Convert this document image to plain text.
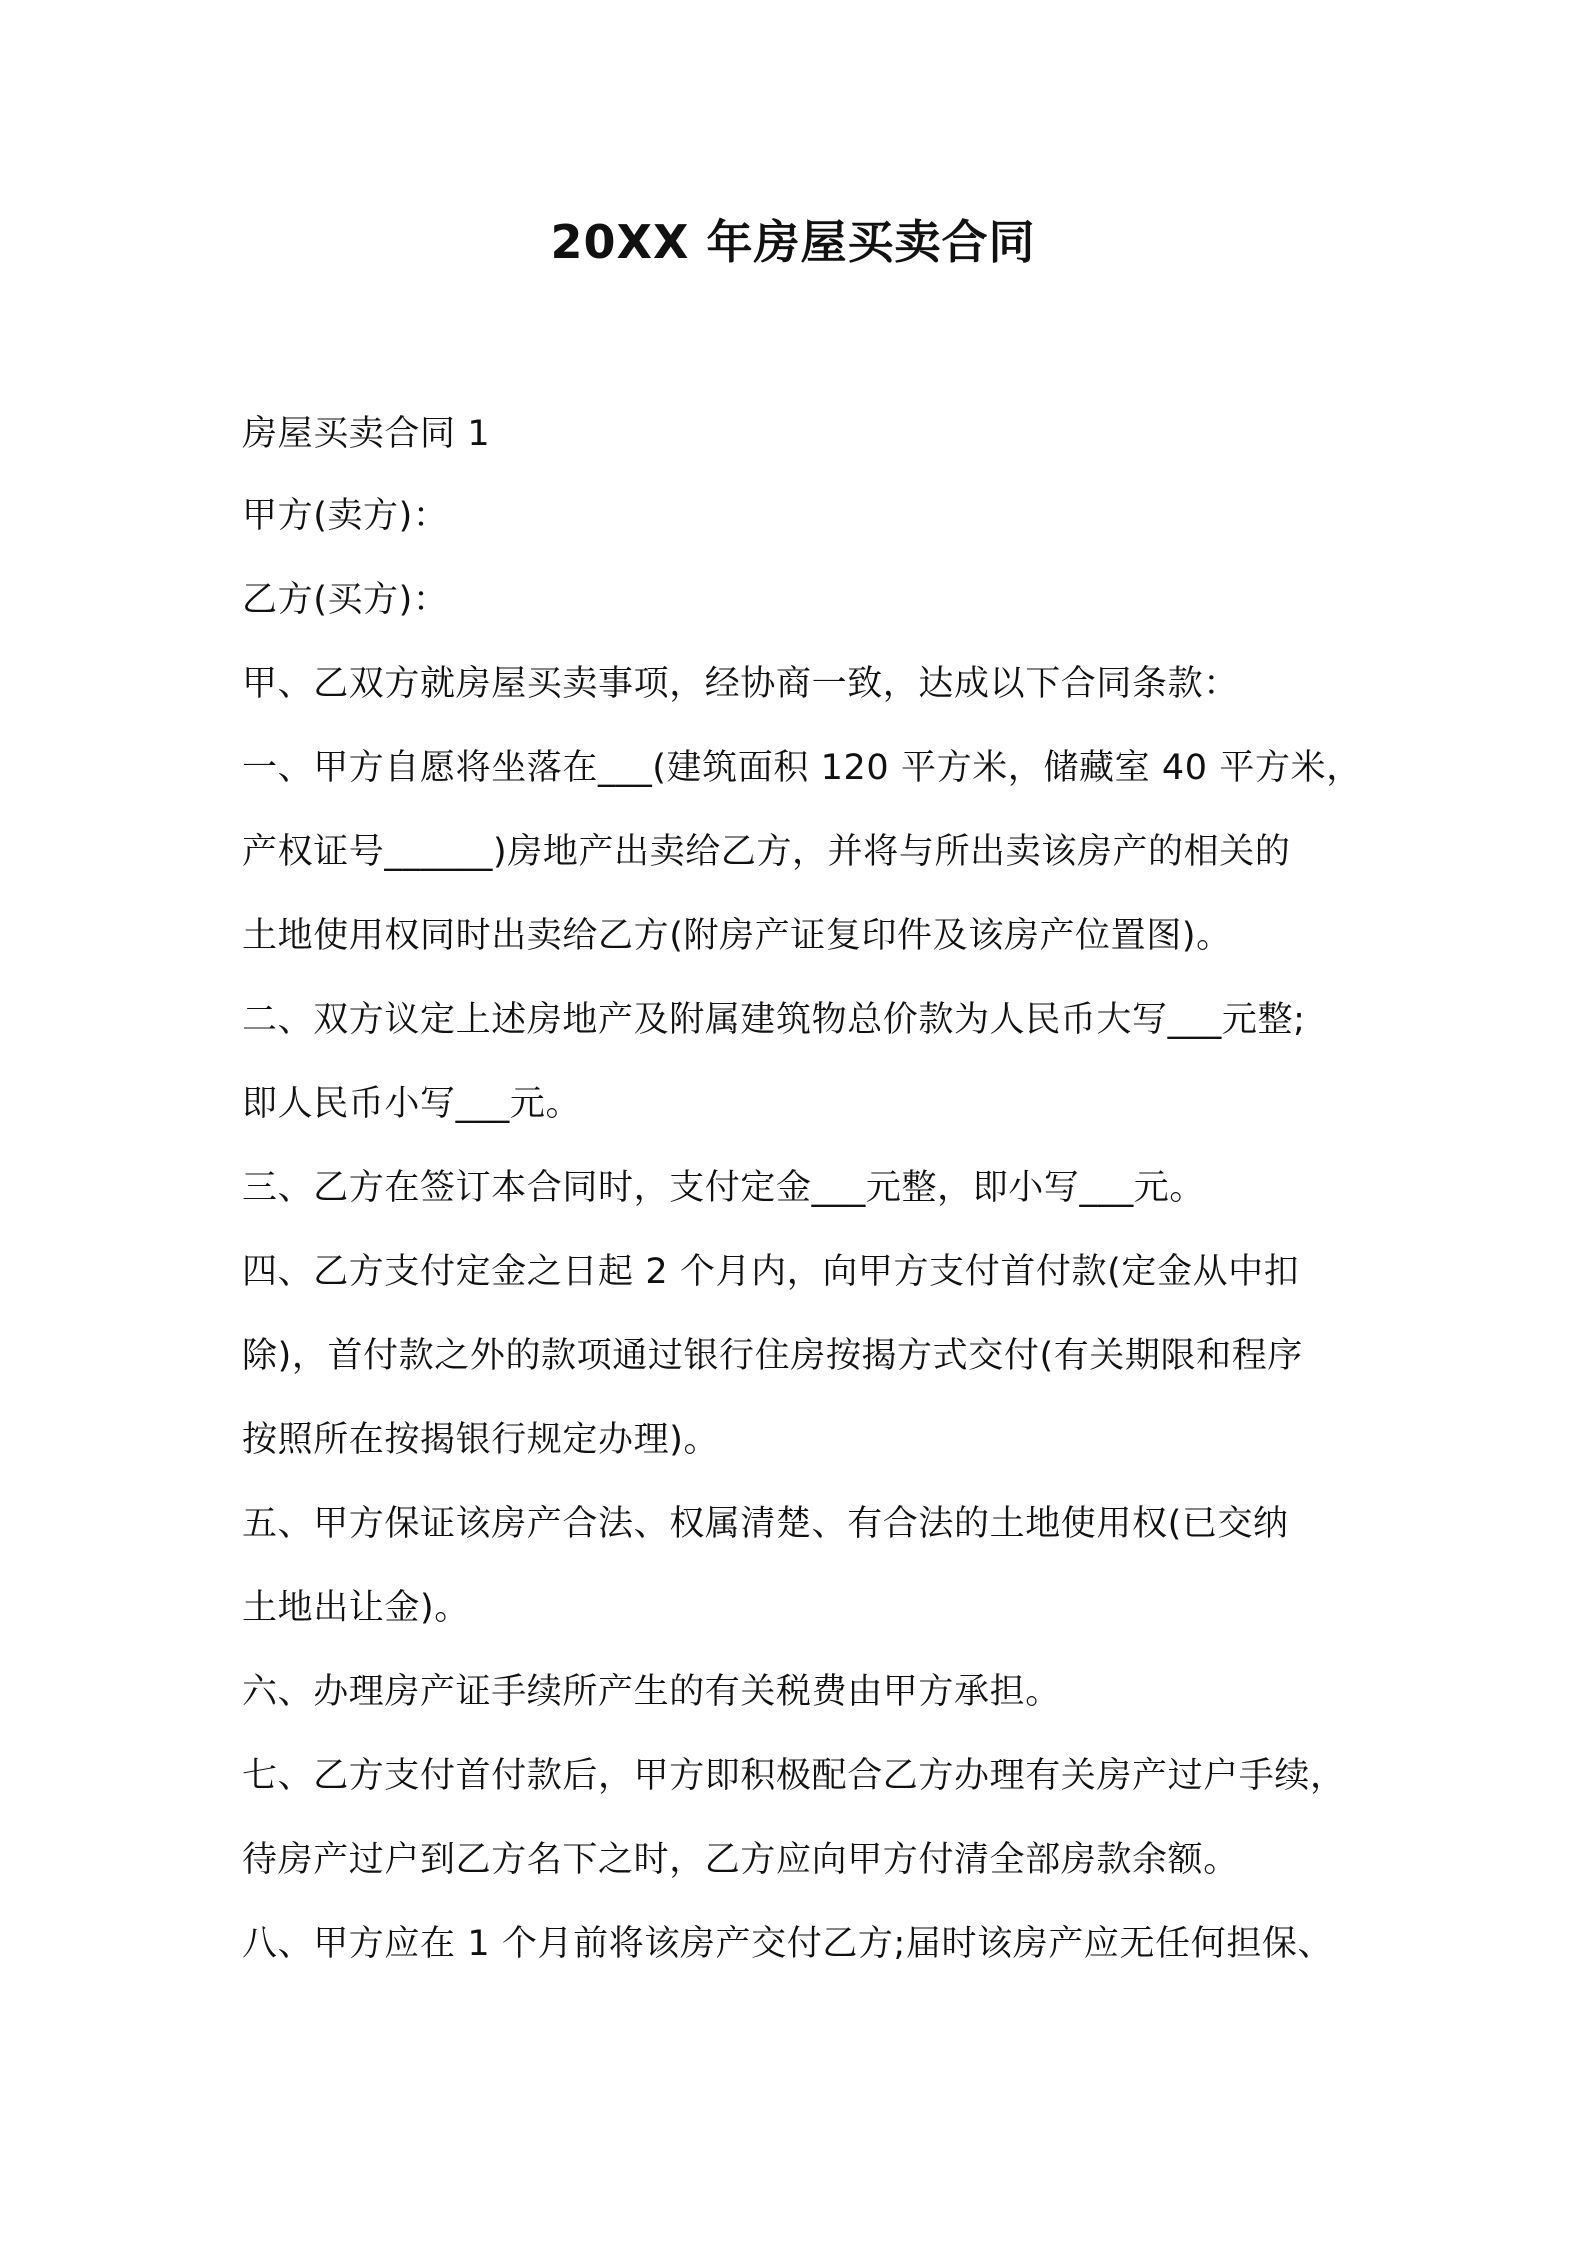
20XX 年房屋买卖合同
房屋买卖合同 1
甲方(卖方)：
乙方(买方)：
甲、乙双方就房屋买卖事项，经协商一致，达成以下合同条款：
一、甲方自愿将坐落在___(建筑面积 120 平方米，储藏室 40 平方米，
产权证号______)房地产出卖给乙方，并将与所出卖该房产的相关的
土地使用权同时出卖给乙方(附房产证复印件及该房产位置图)。
二、双方议定上述房地产及附属建筑物总价款为人民币大写___元整;
即人民币小写___元。
三、乙方在签订本合同时，支付定金___元整，即小写___元。
四、乙方支付定金之日起 2 个月内，向甲方支付首付款(定金从中扣
除)，首付款之外的款项通过银行住房按揭方式交付(有关期限和程序
按照所在按揭银行规定办理)。
五、甲方保证该房产合法、权属清楚、有合法的土地使用权(已交纳
土地出让金)。
六、办理房产证手续所产生的有关税费由甲方承担。
七、乙方支付首付款后，甲方即积极配合乙方办理有关房产过户手续，
待房产过户到乙方名下之时，乙方应向甲方付清全部房款余额。
八、甲方应在 1 个月前将该房产交付乙方;届时该房产应无任何担保、
